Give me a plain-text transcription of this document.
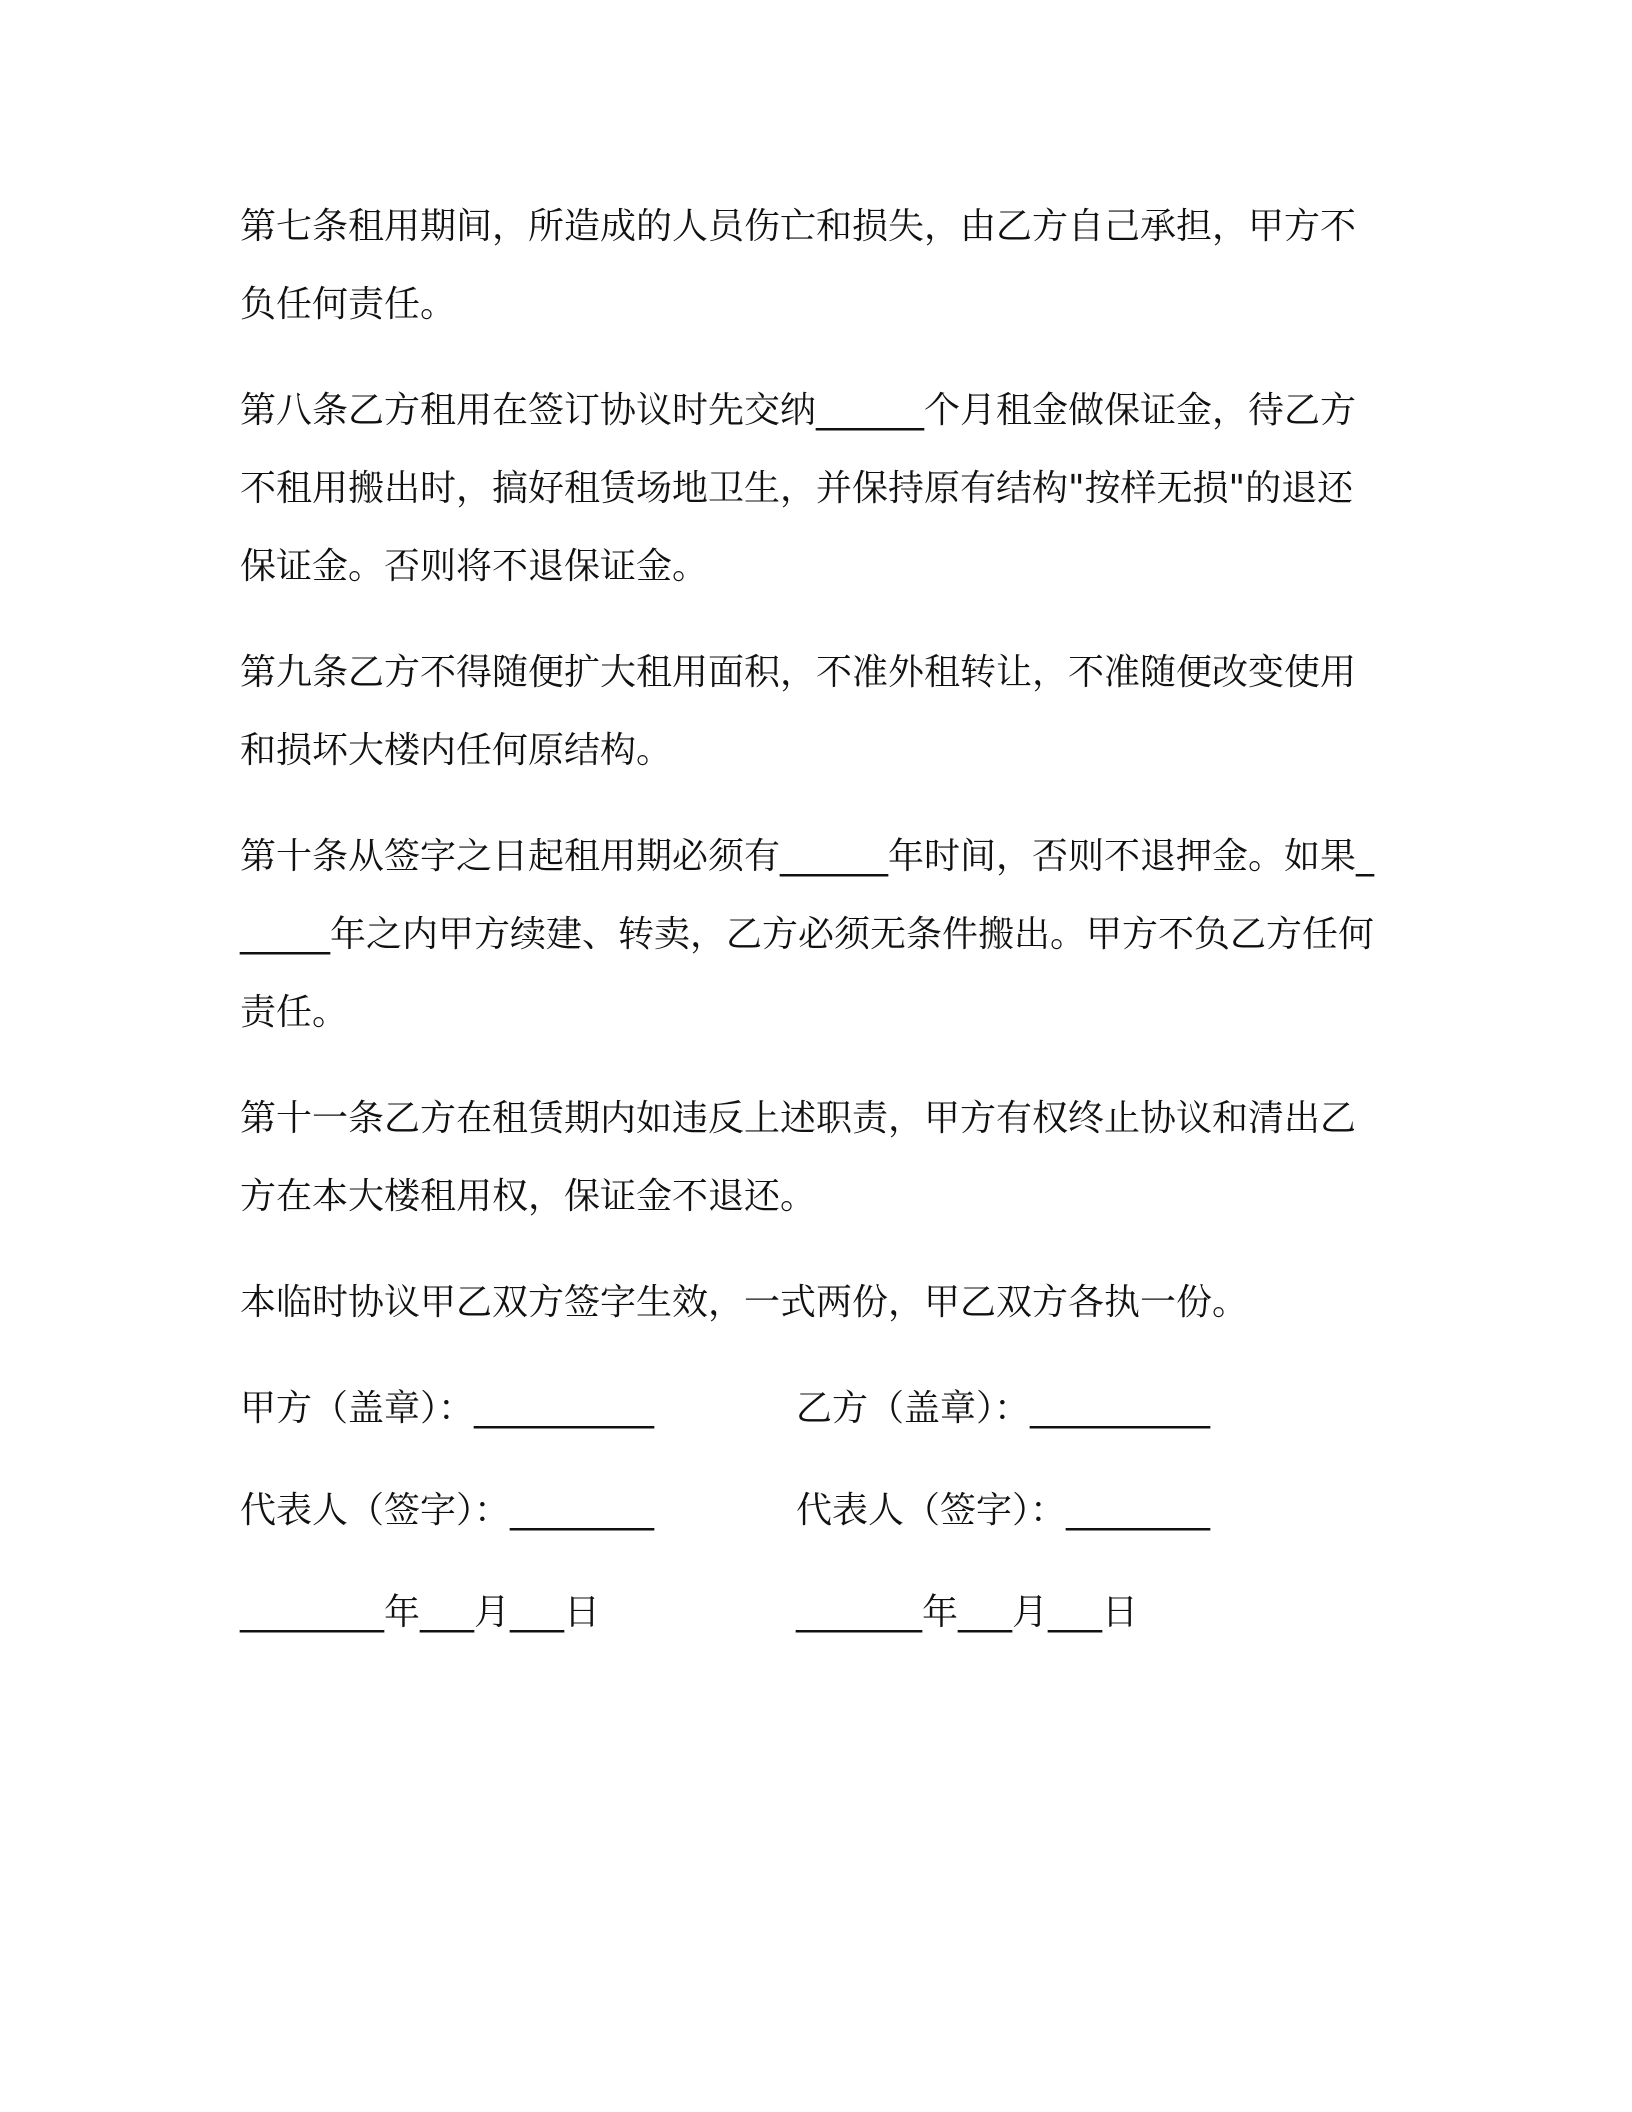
第七条租用期间，所造成的人员伤亡和损失，由乙方自己承担，甲方不负任何责任。

第八条乙方租用在签订协议时先交纳______个月租金做保证金，待乙方不租用搬出时，搞好租赁场地卫生，并保持原有结构"按样无损"的退还保证金。否则将不退保证金。

第九条乙方不得随便扩大租用面积，不准外租转让，不准随便改变使用和损坏大楼内任何原结构。

第十条从签字之日起租用期必须有______年时间，否则不退押金。如果______年之内甲方续建、转卖，乙方必须无条件搬出。甲方不负乙方任何责任。

第十一条乙方在租赁期内如违反上述职责，甲方有权终止协议和清出乙方在本大楼租用权，保证金不退还。

本临时协议甲乙双方签字生效，一式两份，甲乙双方各执一份。

甲方（盖章）：__________	乙方（盖章）：__________
代表人（签字）：________	代表人（签字）：________
________年___月___日	_______年___月___日
